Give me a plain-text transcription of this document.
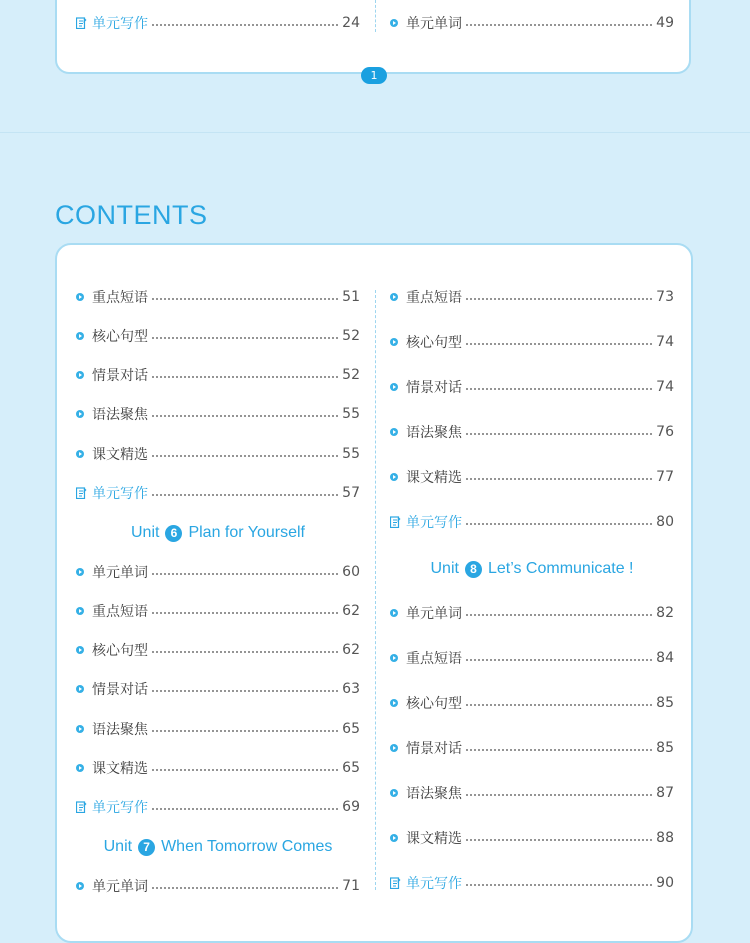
单元写作	24	单元单词	49
1
CONTENTS
Unit 6 Plan for Yourself
Unit 7 When Tomorrow Comes
Unit 8 Let’s Communicate !
重点短语	51
核心句型	52
情景对话	52
语法聚焦	55
课文精选	55
单元写作	57
单元单词	60
重点短语	62
核心句型	62
情景对话	63
语法聚焦	65
课文精选	65
单元写作	69
单元单词	71
重点短语	73
核心句型	74
情景对话	74
语法聚焦	76
课文精选	77
单元写作	80
单元单词	82
重点短语	84
核心句型	85
情景对话	85
语法聚焦	87
课文精选	88
单元写作	90
